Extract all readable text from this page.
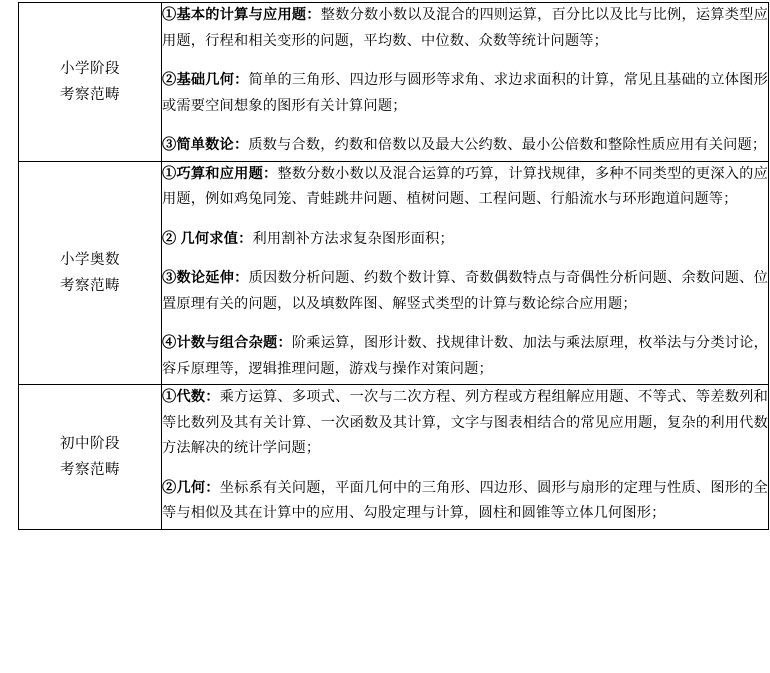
小学阶段
考察范畴

①基本的计算与应用题：整数分数小数以及混合的四则运算，百分比以及比与比例，运算类型应用题，行程和相关变形的问题，平均数、中位数、众数等统计问题等；

②基础几何：简单的三角形、四边形与圆形等求角、求边求面积的计算，常见且基础的立体图形或需要空间想象的图形有关计算问题；

③简单数论：质数与合数，约数和倍数以及最大公约数、最小公倍数和整除性质应用有关问题；

小学奥数
考察范畴

①巧算和应用题：整数分数小数以及混合运算的巧算，计算找规律，多种不同类型的更深入的应用题，例如鸡兔同笼、青蛙跳井问题、植树问题、工程问题、行船流水与环形跑道问题等；

② 几何求值：利用割补方法求复杂图形面积；

③数论延伸：质因数分析问题、约数个数计算、奇数偶数特点与奇偶性分析问题、余数问题、位置原理有关的问题，以及填数阵图、解竖式类型的计算与数论综合应用题；

④计数与组合杂题：阶乘运算，图形计数、找规律计数、加法与乘法原理，枚举法与分类讨论，容斥原理等，逻辑推理问题，游戏与操作对策问题；

初中阶段
考察范畴

①代数：乘方运算、多项式、一次与二次方程、列方程或方程组解应用题、不等式、等差数列和等比数列及其有关计算、一次函数及其计算，文字与图表相结合的常见应用题，复杂的利用代数方法解决的统计学问题；

②几何：坐标系有关问题，平面几何中的三角形、四边形、圆形与扇形的定理与性质、图形的全等与相似及其在计算中的应用、勾股定理与计算，圆柱和圆锥等立体几何图形；
